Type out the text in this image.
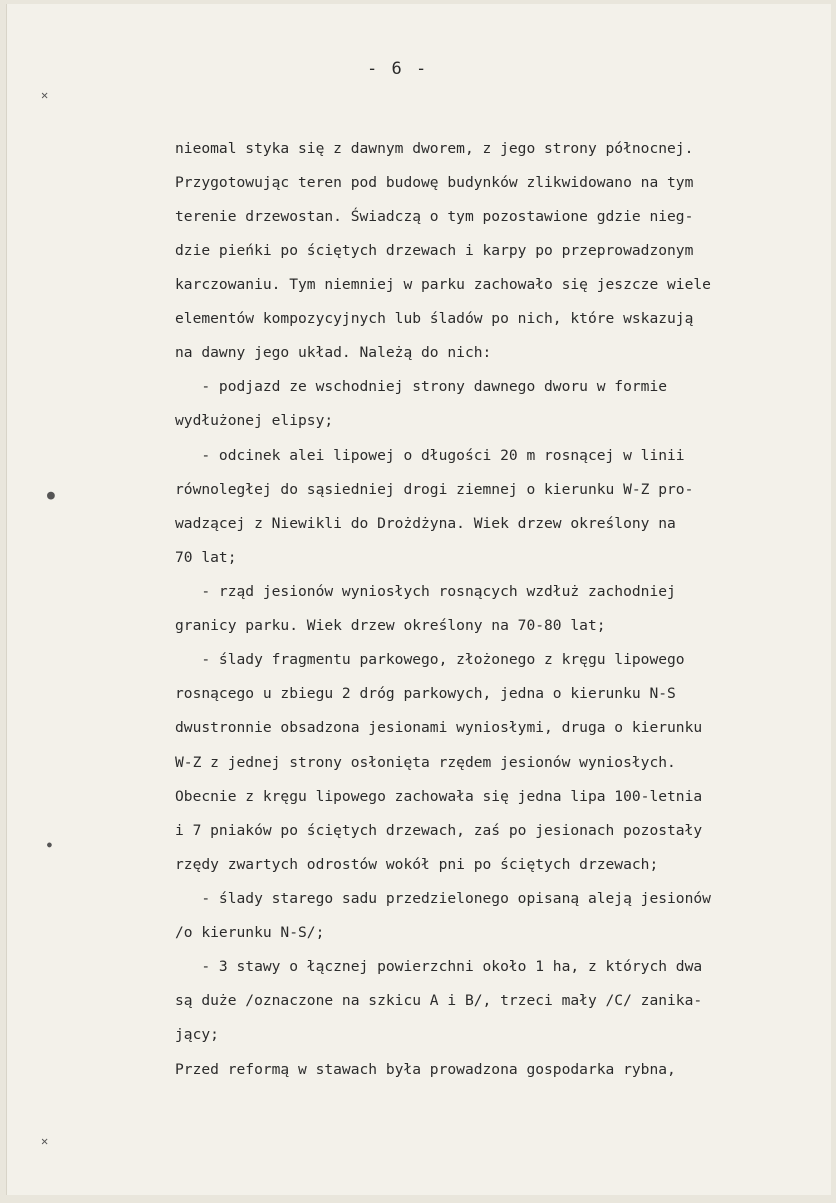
- 6 -
✕
●
●
✕
nieomal styka się z dawnym dworem, z jego strony północnej.
Przygotowując teren pod budowę budynków zlikwidowano na tym
terenie drzewostan. Świadczą o tym pozostawione gdzie nieg-
dzie pieńki po ściętych drzewach i karpy po przeprowadzonym
karczowaniu. Tym niemniej w parku zachowało się jeszcze wiele
elementów kompozycyjnych lub śladów po nich, które wskazują
na dawny jego układ. Należą do nich:
- podjazd ze wschodniej strony dawnego dworu w formie
wydłużonej elipsy;
- odcinek alei lipowej o długości 20 m rosnącej w linii
równoległej do sąsiedniej drogi ziemnej o kierunku W-Z pro-
wadzącej z Niewikli do Drożdżyna. Wiek drzew określony na
70 lat;
- rząd jesionów wyniosłych rosnących wzdłuż zachodniej
granicy parku. Wiek drzew określony na 70-80 lat;
- ślady fragmentu parkowego, złożonego z kręgu lipowego
rosnącego u zbiegu 2 dróg parkowych, jedna o kierunku N-S
dwustronnie obsadzona jesionami wyniosłymi, druga o kierunku
W-Z z jednej strony osłonięta rzędem jesionów wyniosłych.
Obecnie z kręgu lipowego zachowała się jedna lipa 100-letnia
i 7 pniaków po ściętych drzewach, zaś po jesionach pozostały
rzędy zwartych odrostów wokół pni po ściętych drzewach;
- ślady starego sadu przedzielonego opisaną aleją jesionów
/o kierunku N-S/;
- 3 stawy o łącznej powierzchni około 1 ha, z których dwa
są duże /oznaczone na szkicu A i B/, trzeci mały /C/ zanika-
jący;
Przed reformą w stawach była prowadzona gospodarka rybna,
